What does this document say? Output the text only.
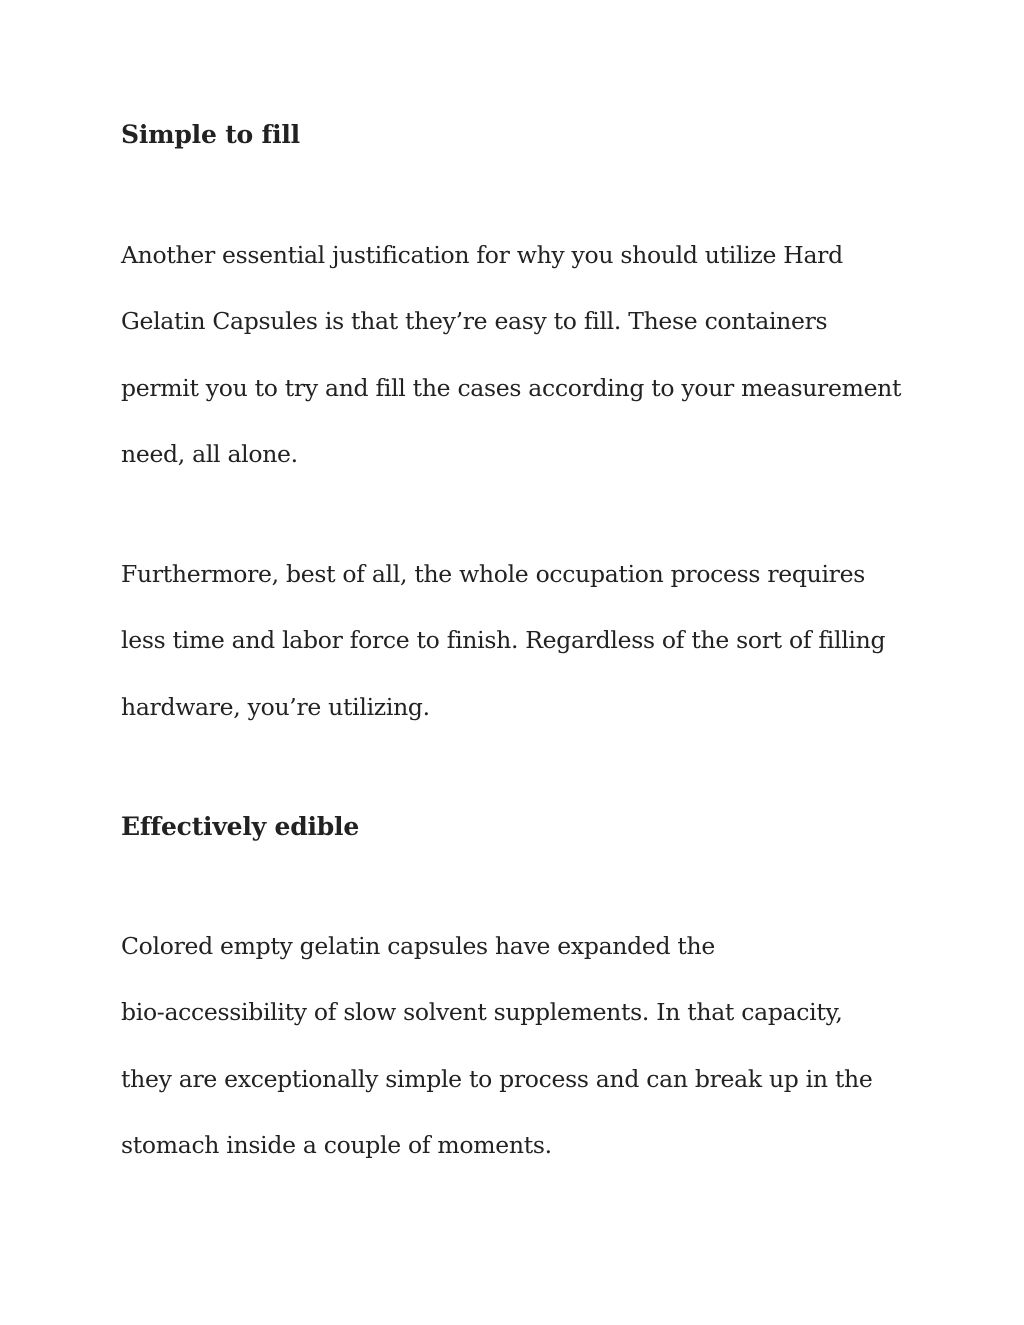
Simple to fill
Another essential justification for why you should utilize Hard
Gelatin Capsules is that they’re easy to fill. These containers
permit you to try and fill the cases according to your measurement
need, all alone.
Furthermore, best of all, the whole occupation process requires
less time and labor force to finish. Regardless of the sort of filling
hardware, you’re utilizing.
Effectively edible
Colored empty gelatin capsules have expanded the
bio-accessibility of slow solvent supplements. In that capacity,
they are exceptionally simple to process and can break up in the
stomach inside a couple of moments.
